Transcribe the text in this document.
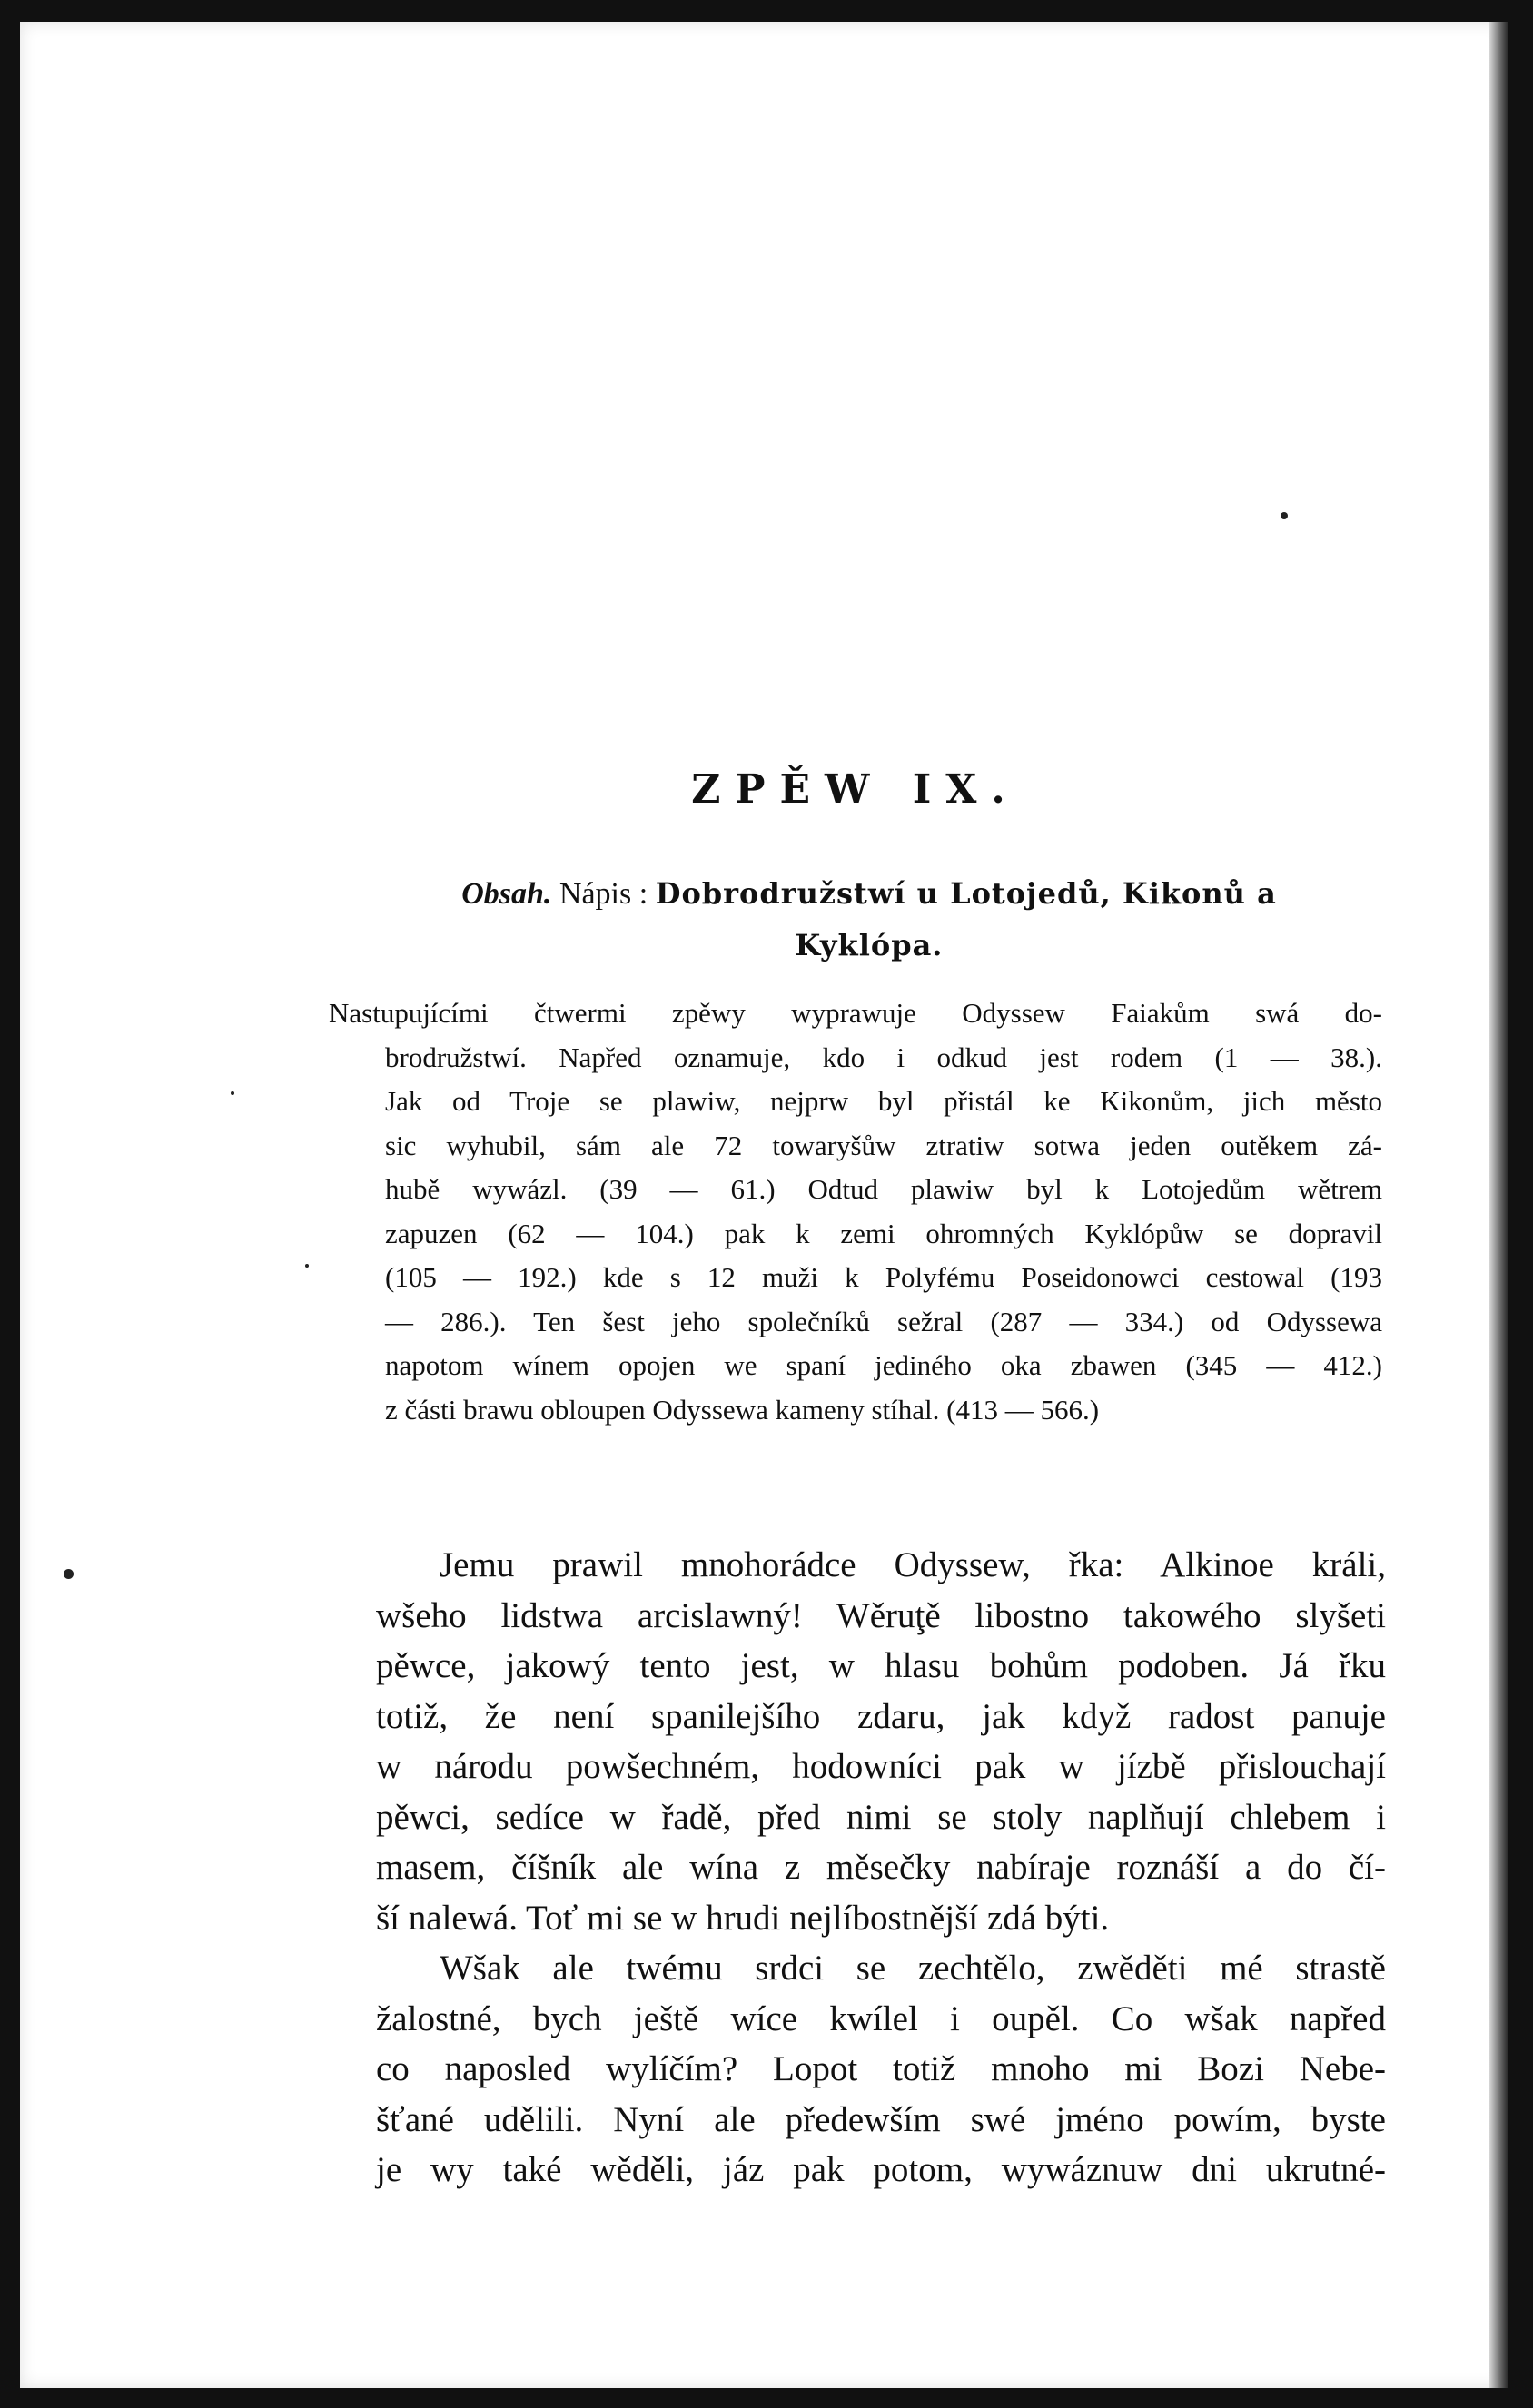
ZPĚW IX.
Obsah. Nápis : Dobrodružstwí u Lotojedů, Kikonů a
Kyklópa.
Nastupujícími čtwermi zpěwy wyprawuje Odyssew Faiakům swá do-
brodružstwí. Napřed oznamuje, kdo i odkud jest rodem (1 — 38.).
Jak od Troje se plawiw, nejprw byl přistál ke Kikonům, jich město
sic wyhubil, sám ale 72 towaryšůw ztratiw sotwa jeden outěkem zá-
hubě wywázl. (39 — 61.) Odtud plawiw byl k Lotojedům wětrem
zapuzen (62 — 104.) pak k zemi ohromných Kyklópůw se dopravil
(105 — 192.) kde s 12 muži k Polyfému Poseidonowci cestowal (193
— 286.). Ten šest jeho společníků sežral (287 — 334.) od Odyssewa
napotom wínem opojen we spaní jediného oka zbawen (345 — 412.)
z části brawu obloupen Odyssewa kameny stíhal. (413 — 566.)
Jemu prawil mnohorádce Odyssew, řka: Alkinoe králi,
wšeho lidstwa arcislawný! Wěruţě libostno takowého slyšeti
pěwce, jakowý tento jest, w hlasu bohům podoben. Já řku
totiž, že není spanilejšího zdaru, jak když radost panuje
w národu powšechném, hodowníci pak w jízbě přislouchají
pěwci, sedíce w řadě, před nimi se stoly naplňují chlebem i
masem, číšník ale wína z měsečky nabíraje roznáší a do čí-
ší nalewá. Toť mi se w hrudi nejlíbostnější zdá býti.
Wšak ale twému srdci se zechtělo, zwěděti mé strastě
žalostné, bych ještě wíce kwílel i oupěl. Co wšak napřed
co naposled wylíčím? Lopot totiž mnoho mi Bozi Nebe-
šťané udělili. Nyní ale předewším swé jméno powím, byste
je wy také wěděli, jáz pak potom, wywáznuw dni ukrutné-
